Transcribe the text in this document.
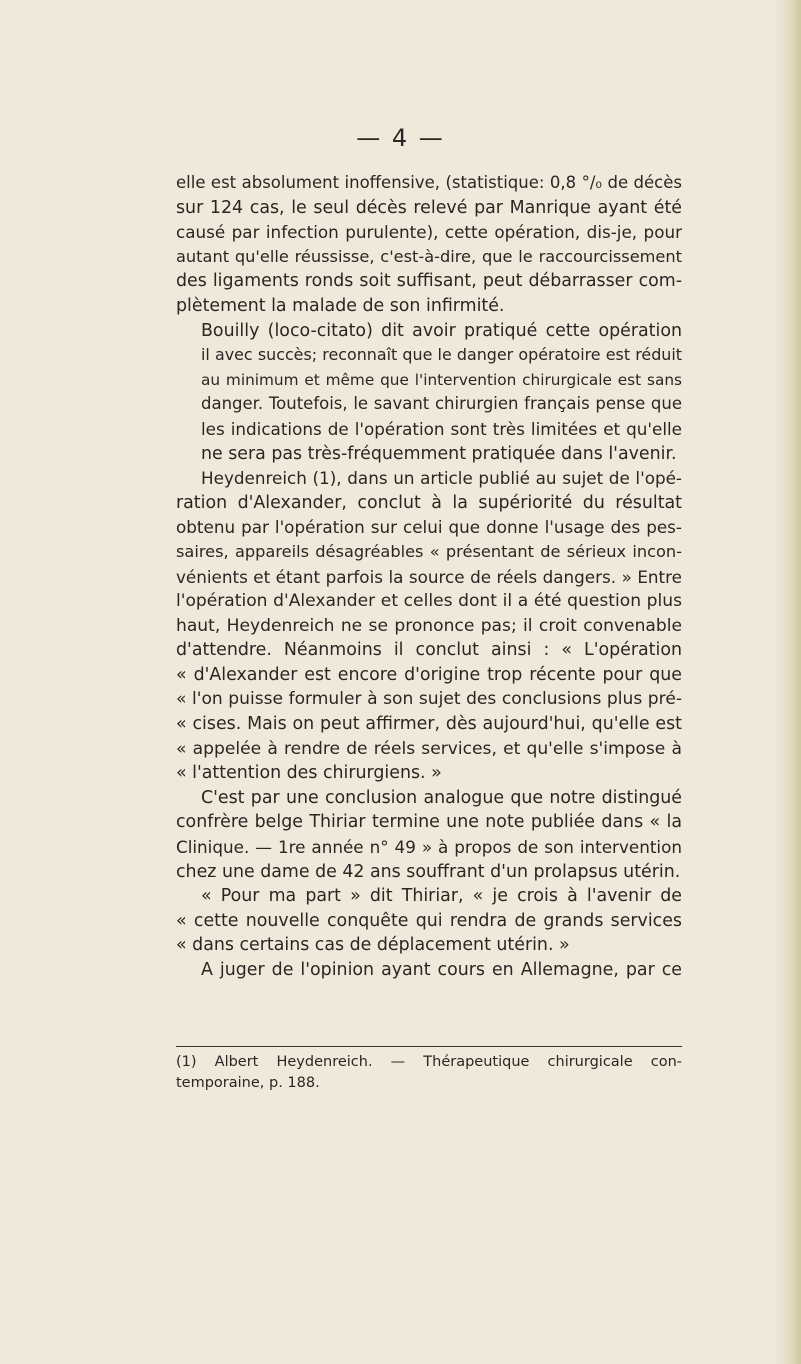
— 4 —

elle est absolument inoffensive, (statistique: 0,8 °/₀ de décès
sur 124 cas, le seul décès relevé par Manrique ayant été
causé par infection purulente), cette opération, dis-je, pour
autant qu'elle réussisse, c'est-à-dire, que le raccourcissement
des ligaments ronds soit suffisant, peut débarrasser com-
plètement la malade de son infirmité.

Bouilly (loco-citato) dit avoir pratiqué cette opération
il avec succès; reconnaît que le danger opératoire est réduit
au minimum et même que l'intervention chirurgicale est sans
danger. Toutefois, le savant chirurgien français pense que
les indications de l'opération sont très limitées et qu'elle
ne sera pas très-fréquemment pratiquée dans l'avenir.

Heydenreich (1), dans un article publié au sujet de l'opé-
ration d'Alexander, conclut à la supériorité du résultat
obtenu par l'opération sur celui que donne l'usage des pes-
saires, appareils désagréables « présentant de sérieux incon-
vénients et étant parfois la source de réels dangers. » Entre
l'opération d'Alexander et celles dont il a été question plus
haut, Heydenreich ne se prononce pas; il croit convenable
d'attendre. Néanmoins il conclut ainsi : « L'opération
« d'Alexander est encore d'origine trop récente pour que
« l'on puisse formuler à son sujet des conclusions plus pré-
« cises. Mais on peut affirmer, dès aujourd'hui, qu'elle est
« appelée à rendre de réels services, et qu'elle s'impose à
« l'attention des chirurgiens. »

C'est par une conclusion analogue que notre distingué
confrère belge Thiriar termine une note publiée dans « la
Clinique. — 1re année n° 49 » à propos de son intervention
chez une dame de 42 ans souffrant d'un prolapsus utérin.

« Pour ma part » dit Thiriar, « je crois à l'avenir de
« cette nouvelle conquête qui rendra de grands services
« dans certains cas de déplacement utérin. »

A juger de l'opinion ayant cours en Allemagne, par ce

(1) Albert Heydenreich. — Thérapeutique chirurgicale con-
temporaine, p. 188.
